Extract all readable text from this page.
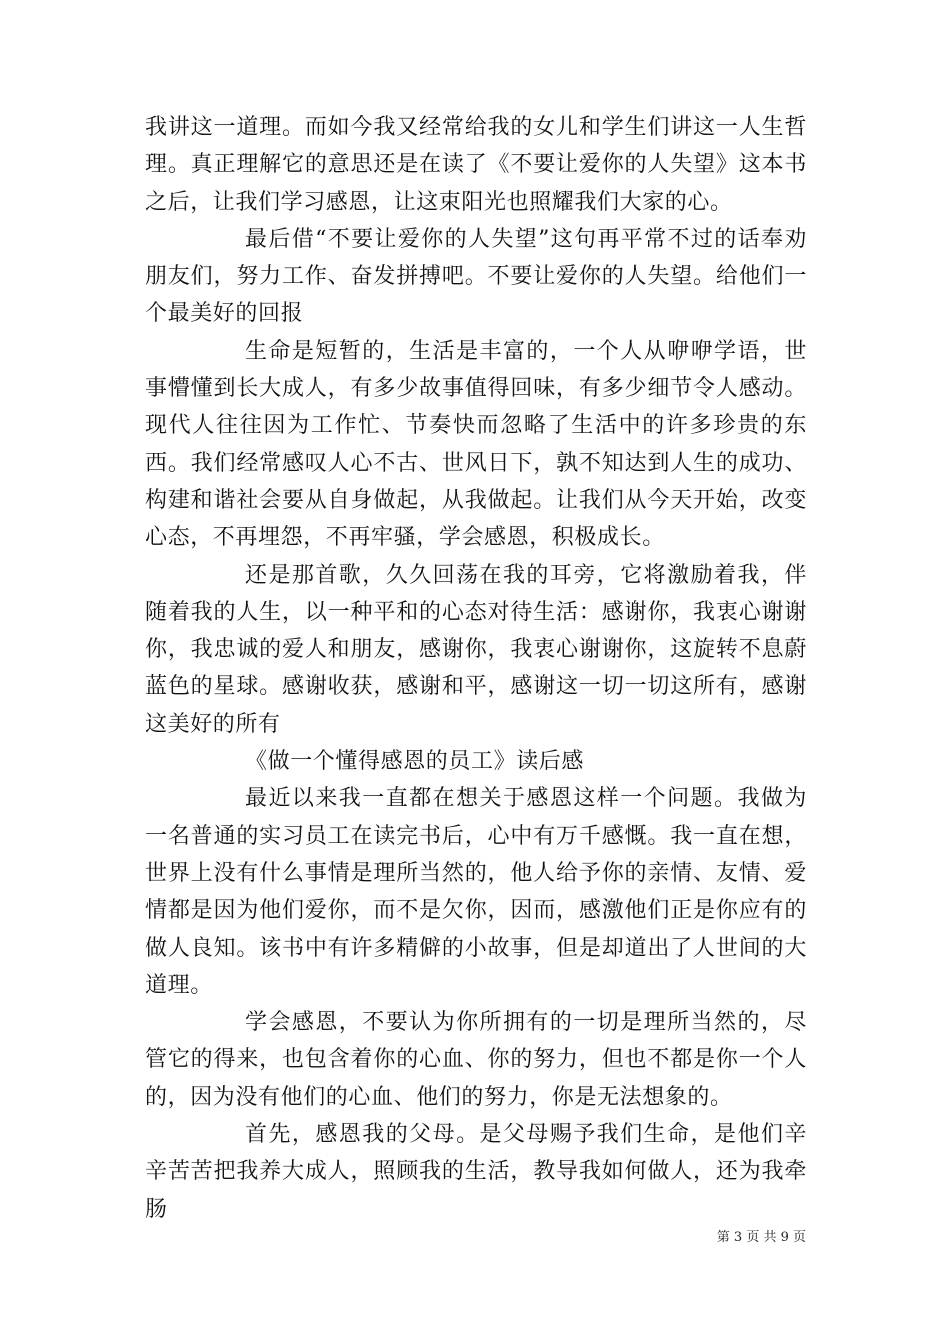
我讲这一道理。而如今我又经常给我的女儿和学生们讲这一人生哲理。真正理解它的意思还是在读了《不要让爱你的人失望》这本书之后，让我们学习感恩，让这束阳光也照耀我们大家的心。

最后借“不要让爱你的人失望”这句再平常不过的话奉劝朋友们，努力工作、奋发拼搏吧。不要让爱你的人失望。给他们一个最美好的回报

生命是短暂的，生活是丰富的，一个人从咿咿学语，世事懵懂到长大成人，有多少故事值得回味，有多少细节令人感动。现代人往往因为工作忙、节奏快而忽略了生活中的许多珍贵的东西。我们经常感叹人心不古、世风日下，孰不知达到人生的成功、构建和谐社会要从自身做起，从我做起。让我们从今天开始，改变心态，不再埋怨，不再牢骚，学会感恩，积极成长。

还是那首歌，久久回荡在我的耳旁，它将激励着我，伴随着我的人生，以一种平和的心态对待生活：感谢你，我衷心谢谢你，我忠诚的爱人和朋友，感谢你，我衷心谢谢你，这旋转不息蔚蓝色的星球。感谢收获，感谢和平，感谢这一切一切这所有，感谢这美好的所有

《做一个懂得感恩的员工》读后感

最近以来我一直都在想关于感恩这样一个问题。我做为一名普通的实习员工在读完书后，心中有万千感慨。我一直在想，世界上没有什么事情是理所当然的，他人给予你的亲情、友情、爱情都是因为他们爱你，而不是欠你，因而，感激他们正是你应有的做人良知。该书中有许多精僻的小故事，但是却道出了人世间的大道理。

学会感恩，不要认为你所拥有的一切是理所当然的，尽管它的得来，也包含着你的心血、你的努力，但也不都是你一个人的，因为没有他们的心血、他们的努力，你是无法想象的。

首先，感恩我的父母。是父母赐予我们生命，是他们辛辛苦苦把我养大成人，照顾我的生活，教导我如何做人，还为我牵肠

第 3 页 共 9 页
